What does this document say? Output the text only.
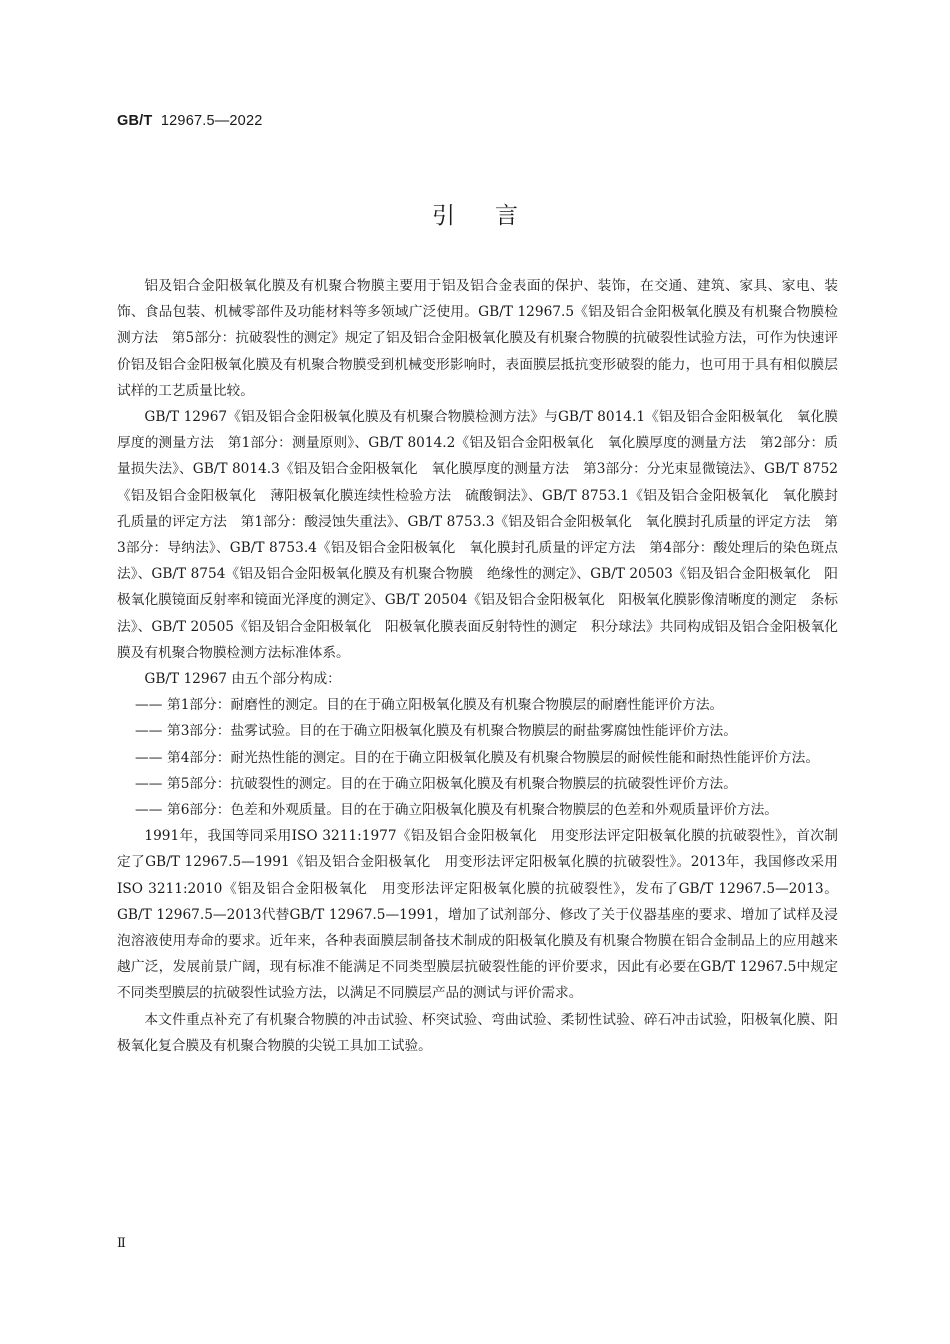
GB/T 12967.5—2022
引言

铝及铝合金阳极氧化膜及有机聚合物膜主要用于铝及铝合金表面的保护、装饰，在交通、建筑、家具、家电、装饰、食品包装、机械零部件及功能材料等多领域广泛使用。GB/T 12967.5《铝及铝合金阳极氧化膜及有机聚合物膜检测方法　第5部分：抗破裂性的测定》规定了铝及铝合金阳极氧化膜及有机聚合物膜的抗破裂性试验方法，可作为快速评价铝及铝合金阳极氧化膜及有机聚合物膜受到机械变形影响时，表面膜层抵抗变形破裂的能力，也可用于具有相似膜层试样的工艺质量比较。

GB/T 12967《铝及铝合金阳极氧化膜及有机聚合物膜检测方法》与GB/T 8014.1《铝及铝合金阳极氧化　氧化膜厚度的测量方法　第1部分：测量原则》、GB/T 8014.2《铝及铝合金阳极氧化　氧化膜厚度的测量方法　第2部分：质量损失法》、GB/T 8014.3《铝及铝合金阳极氧化　氧化膜厚度的测量方法　第3部分：分光束显微镜法》、GB/T 8752《铝及铝合金阳极氧化　薄阳极氧化膜连续性检验方法　硫酸铜法》、GB/T 8753.1《铝及铝合金阳极氧化　氧化膜封孔质量的评定方法　第1部分：酸浸蚀失重法》、GB/T 8753.3《铝及铝合金阳极氧化　氧化膜封孔质量的评定方法　第3部分：导纳法》、GB/T 8753.4《铝及铝合金阳极氧化　氧化膜封孔质量的评定方法　第4部分：酸处理后的染色斑点法》、GB/T 8754《铝及铝合金阳极氧化膜及有机聚合物膜　绝缘性的测定》、GB/T 20503《铝及铝合金阳极氧化　阳极氧化膜镜面反射率和镜面光泽度的测定》、GB/T 20504《铝及铝合金阳极氧化　阳极氧化膜影像清晰度的测定　条标法》、GB/T 20505《铝及铝合金阳极氧化　阳极氧化膜表面反射特性的测定　积分球法》共同构成铝及铝合金阳极氧化膜及有机聚合物膜检测方法标准体系。

GB/T 12967 由五个部分构成：

—— 第1部分：耐磨性的测定。目的在于确立阳极氧化膜及有机聚合物膜层的耐磨性能评价方法。
—— 第3部分：盐雾试验。目的在于确立阳极氧化膜及有机聚合物膜层的耐盐雾腐蚀性能评价方法。
—— 第4部分：耐光热性能的测定。目的在于确立阳极氧化膜及有机聚合物膜层的耐候性能和耐热性能评价方法。
—— 第5部分：抗破裂性的测定。目的在于确立阳极氧化膜及有机聚合物膜层的抗破裂性评价方法。
—— 第6部分：色差和外观质量。目的在于确立阳极氧化膜及有机聚合物膜层的色差和外观质量评价方法。

1991年，我国等同采用ISO 3211:1977《铝及铝合金阳极氧化　用变形法评定阳极氧化膜的抗破裂性》，首次制定了GB/T 12967.5—1991《铝及铝合金阳极氧化　用变形法评定阳极氧化膜的抗破裂性》。2013年，我国修改采用ISO 3211:2010《铝及铝合金阳极氧化　用变形法评定阳极氧化膜的抗破裂性》，发布了GB/T 12967.5—2013。GB/T 12967.5—2013代替GB/T 12967.5—1991，增加了试剂部分、修改了关于仪器基座的要求、增加了试样及浸泡溶液使用寿命的要求。近年来，各种表面膜层制备技术制成的阳极氧化膜及有机聚合物膜在铝合金制品上的应用越来越广泛，发展前景广阔，现有标准不能满足不同类型膜层抗破裂性能的评价要求，因此有必要在GB/T 12967.5中规定不同类型膜层的抗破裂性试验方法，以满足不同膜层产品的测试与评价需求。

本文件重点补充了有机聚合物膜的冲击试验、杯突试验、弯曲试验、柔韧性试验、碎石冲击试验，阳极氧化膜、阳极氧化复合膜及有机聚合物膜的尖锐工具加工试验。

Ⅱ
